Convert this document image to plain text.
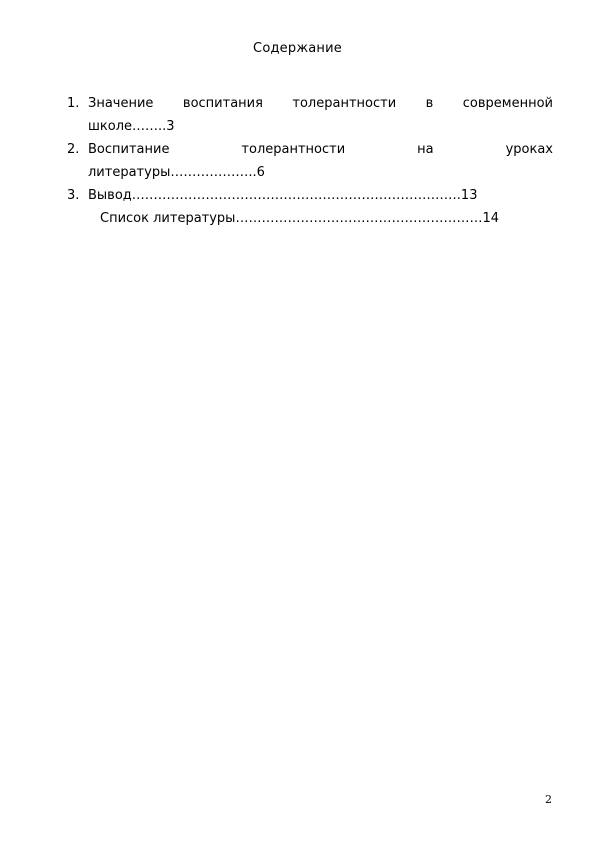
Содержание
1. Значение воспитания толерантности в современной
школе……..3
2. Воспитание	толерантности	на	уроках
литературы………………..6
3. Вывод………………………………………………………………….13
Список литературы…………………………………………………14
2
